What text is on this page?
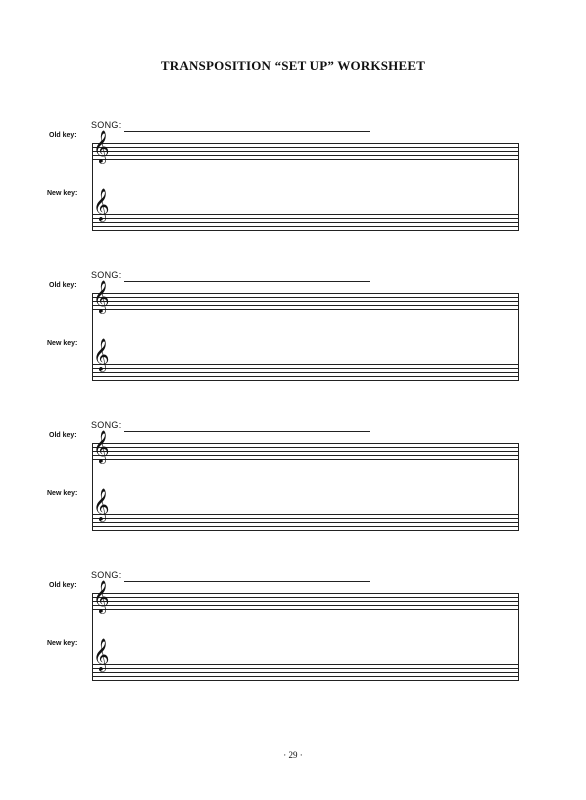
TRANSPOSITION “SET UP” WORKSHEET
SONG:
Old key:
New key:
𝄞
𝄞
SONG:
Old key:
New key:
𝄞
𝄞
SONG:
Old key:
New key:
𝄞
𝄞
SONG:
Old key:
New key:
𝄞
𝄞
· 29 ·
